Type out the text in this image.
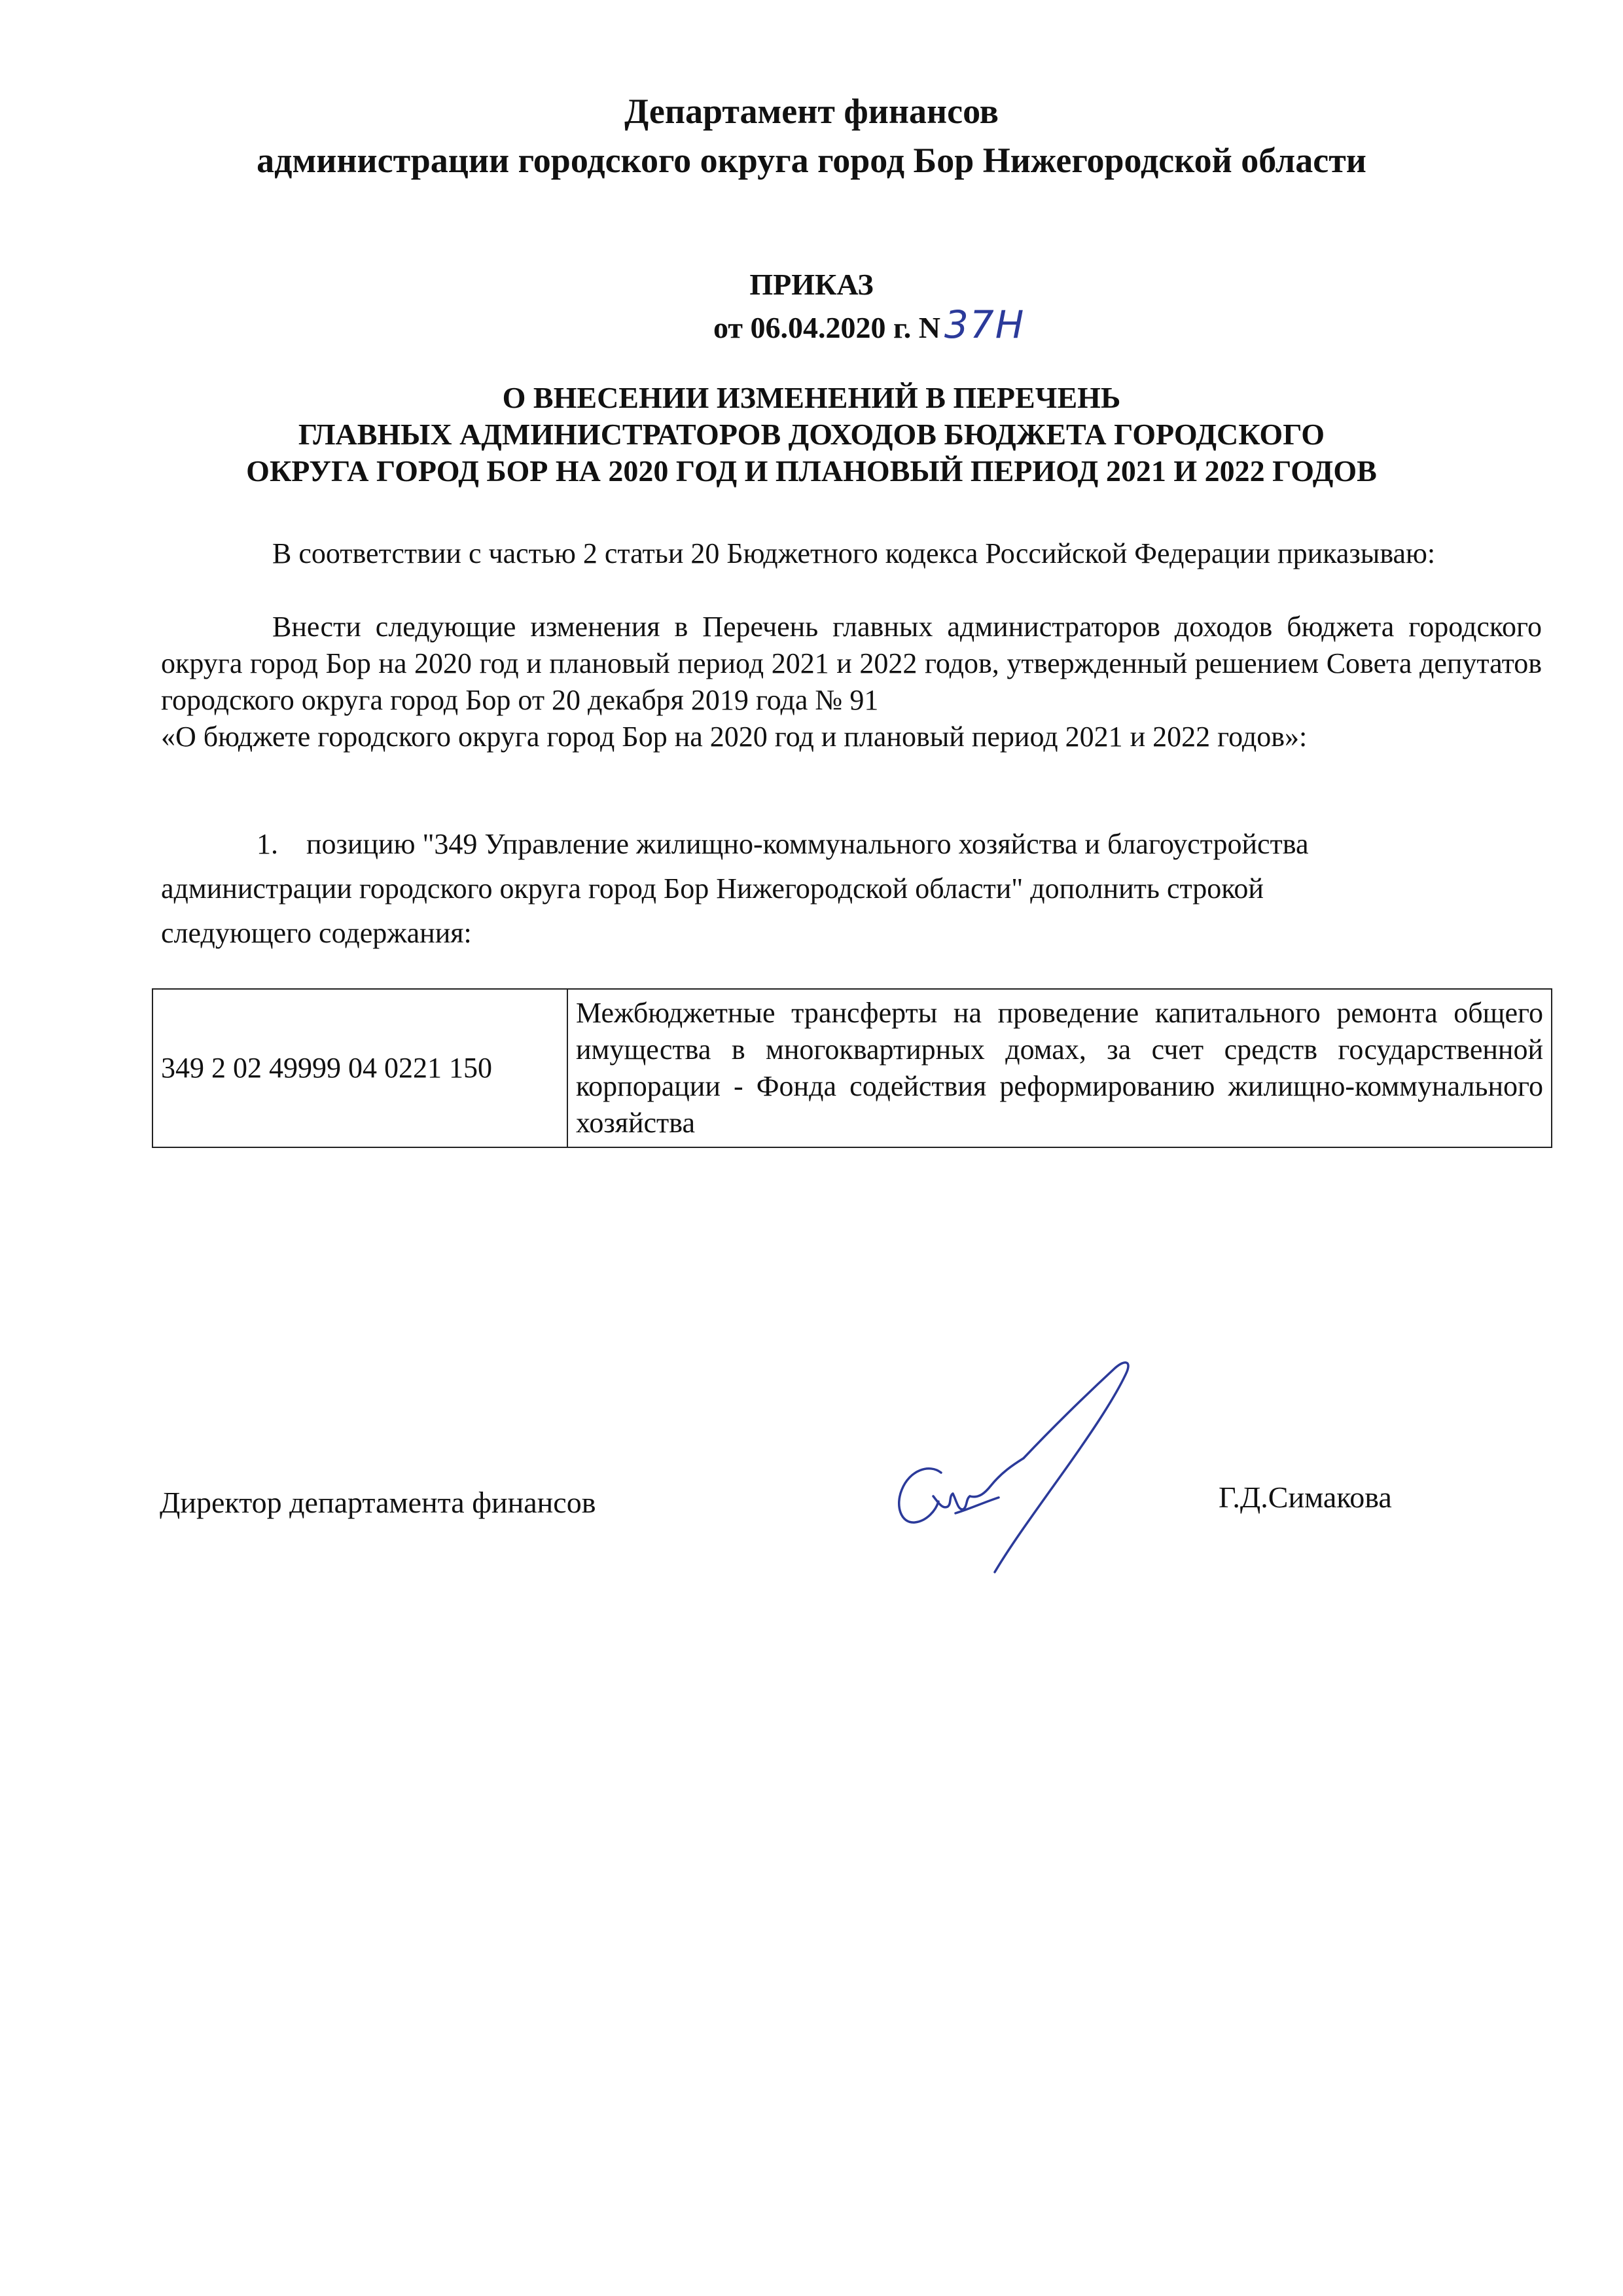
Департамент финансов
администрации городского округа город Бор Нижегородской области
ПРИКАЗ
от 06.04.2020 г. N 37Н
О ВНЕСЕНИИ ИЗМЕНЕНИЙ В ПЕРЕЧЕНЬ
ГЛАВНЫХ АДМИНИСТРАТОРОВ ДОХОДОВ БЮДЖЕТА ГОРОДСКОГО
ОКРУГА ГОРОД БОР НА 2020 ГОД И ПЛАНОВЫЙ ПЕРИОД 2021 И 2022 ГОДОВ
В соответствии с частью 2 статьи 20 Бюджетного кодекса Российской Федерации приказываю:
Внести следующие изменения в Перечень главных администраторов доходов бюджета городского округа город Бор на 2020 год и плановый период 2021 и 2022 годов, утвержденный решением Совета депутатов городского округа город Бор от 20 декабря 2019 года № 91
«О бюджете городского округа город Бор на 2020 год и плановый период 2021 и 2022 годов»:
1. позицию "349 Управление жилищно-коммунального хозяйства и благоустройства
администрации городского округа город Бор Нижегородской области" дополнить строкой
следующего содержания:
349 2 02 49999 04 0221 150	Межбюджетные трансферты на проведение капитального ремонта общего имущества в многоквартирных домах, за счет средств государственной корпорации - Фонда содействия реформированию жилищно-коммунального хозяйства
Директор департамента финансов	Г.Д.Симакова
